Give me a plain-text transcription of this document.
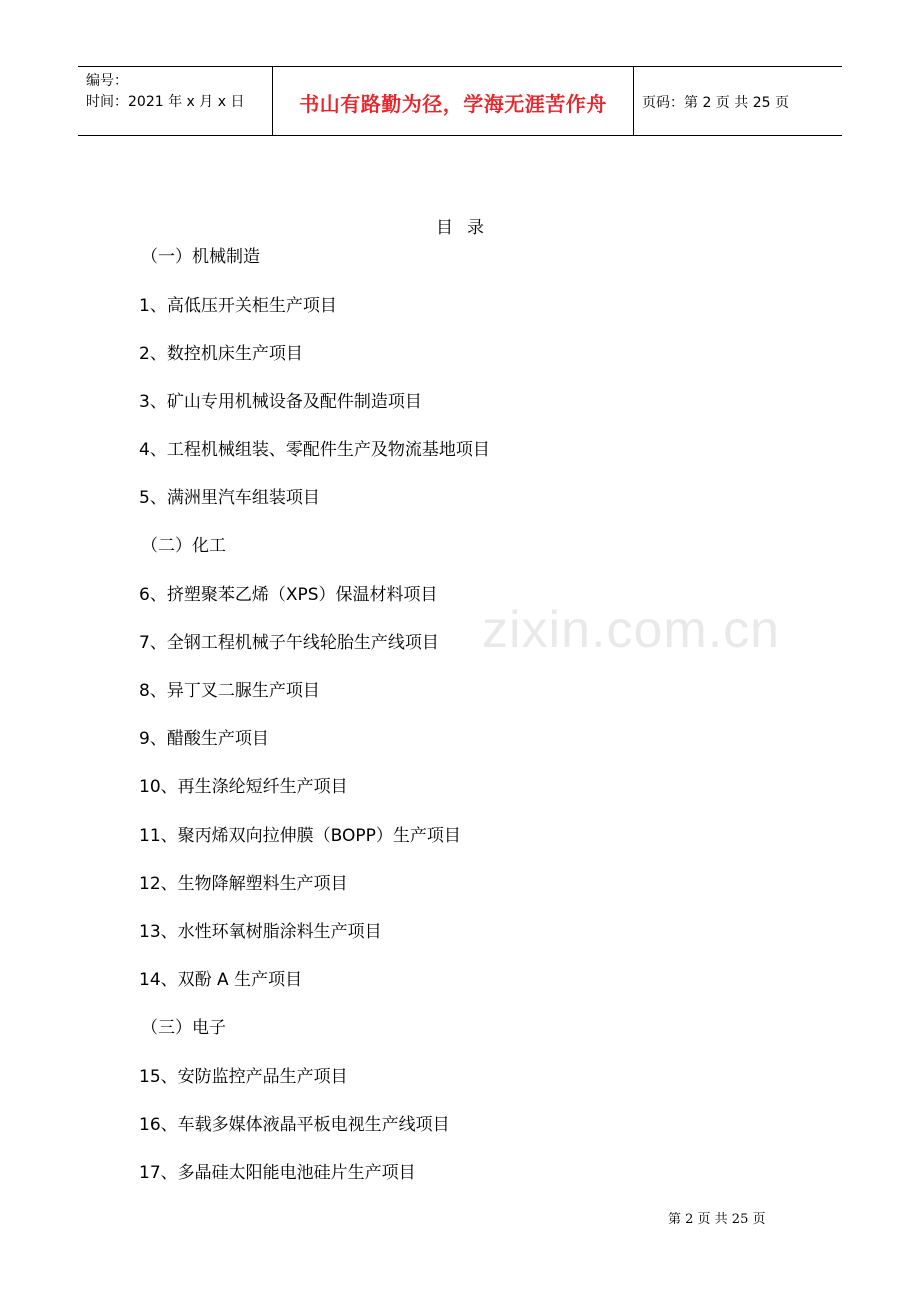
编号：
时间：2021 年 x 月 x 日	书山有路勤为径，学海无涯苦作舟	页码：第 2 页 共 25 页
目 录
（一）机械制造
1、高低压开关柜生产项目
2、数控机床生产项目
3、矿山专用机械设备及配件制造项目
4、工程机械组装、零配件生产及物流基地项目
5、满洲里汽车组装项目
（二）化工
6、挤塑聚苯乙烯（XPS）保温材料项目
7、全钢工程机械子午线轮胎生产线项目
8、异丁叉二脲生产项目
9、醋酸生产项目
10、再生涤纶短纤生产项目
11、聚丙烯双向拉伸膜（BOPP）生产项目
12、生物降解塑料生产项目
13、水性环氧树脂涂料生产项目
14、双酚 A 生产项目
（三）电子
15、安防监控产品生产项目
16、车载多媒体液晶平板电视生产线项目
17、多晶硅太阳能电池硅片生产项目
zixin.com.cn
第 2 页 共 25 页
